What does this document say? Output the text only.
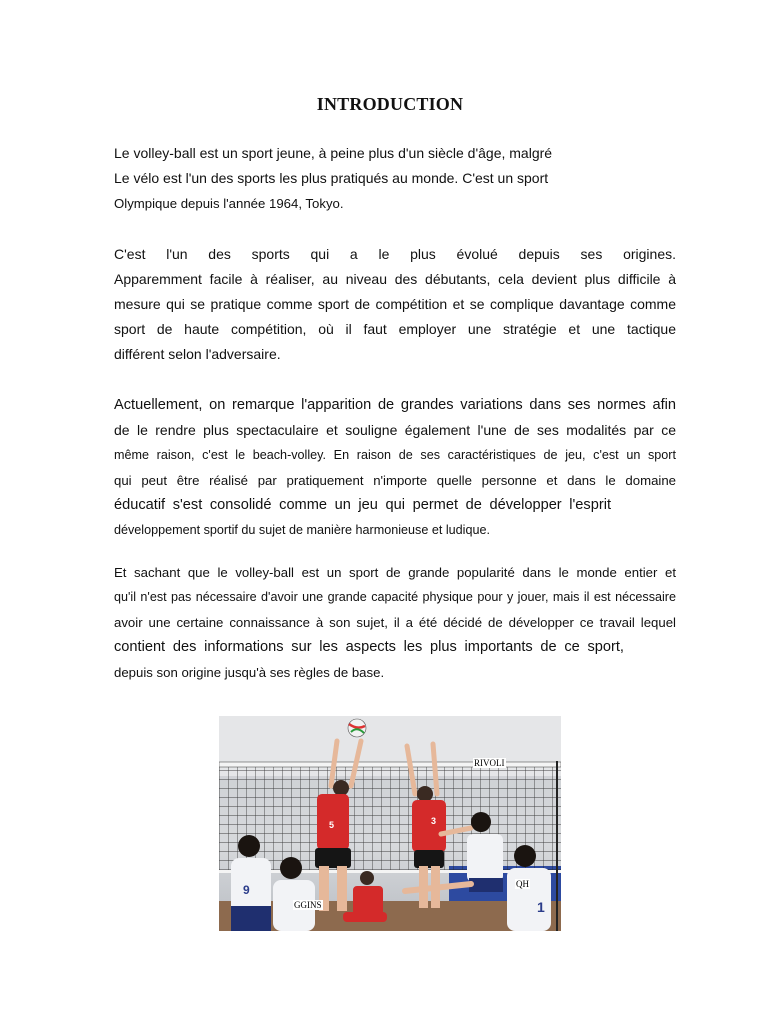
INTRODUCTION
Le volley-ball est un sport jeune, à peine plus d'un siècle d'âge, malgré
Le vélo est l'un des sports les plus pratiqués au monde. C'est un sport
Olympique depuis l'année 1964, Tokyo.
C'est l'un des sports qui a le plus évolué depuis ses origines.
Apparemment facile à réaliser, au niveau des débutants, cela devient plus difficile à
mesure qui se pratique comme sport de compétition et se complique davantage comme
sport de haute compétition, où il faut employer une stratégie et une tactique
différent selon l'adversaire.
Actuellement, on remarque l'apparition de grandes variations dans ses normes afin
de le rendre plus spectaculaire et souligne également l'une de ses modalités par ce
même raison, c'est le beach-volley. En raison de ses caractéristiques de jeu, c'est un sport
qui peut être réalisé par pratiquement n'importe quelle personne et dans le domaine
éducatif s'est consolidé comme un jeu qui permet de développer l'esprit
développement sportif du sujet de manière harmonieuse et ludique.
Et sachant que le volley-ball est un sport de grande popularité dans le monde entier et
qu'il n'est pas nécessaire d'avoir une grande capacité physique pour y jouer, mais il est nécessaire
avoir une certaine connaissance à son sujet, il a été décidé de développer ce travail lequel
contient des informations sur les aspects les plus importants de ce sport,
depuis son origine jusqu'à ses règles de base.
5	3
9
1
RIVOLI
QH
GGINS
